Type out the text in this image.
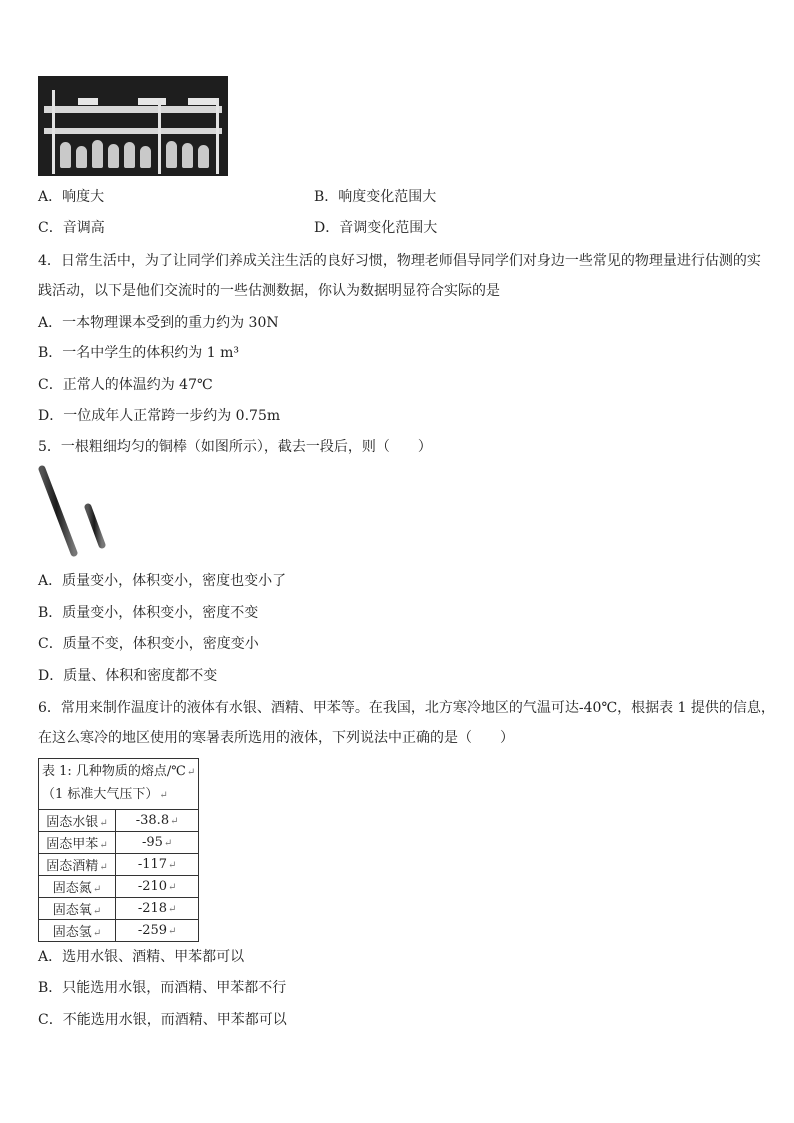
A．响度大	B．响度变化范围大
C．音调高	D．音调变化范围大
4．日常生活中，为了让同学们养成关注生活的良好习惯，物理老师倡导同学们对身边一些常见的物理量进行估测的实
践活动，以下是他们交流时的一些估测数据，你认为数据明显符合实际的是
A．一本物理课本受到的重力约为 30N
B．一名中学生的体积约为 1 m³
C．正常人的体温约为 47℃
D．一位成年人正常跨一步约为 0.75m
5．一根粗细均匀的铜棒（如图所示），截去一段后，则（　　）
A．质量变小，体积变小，密度也变小了
B．质量变小，体积变小，密度不变
C．质量不变，体积变小，密度变小
D．质量、体积和密度都不变
6．常用来制作温度计的液体有水银、酒精、甲苯等。在我国，北方寒冷地区的气温可达-40℃，根据表 1 提供的信息，
在这么寒冷的地区使用的寒暑表所选用的液体，下列说法中正确的是（　　）
表 1: 几种物质的熔点/℃↵
（1 标准大气压下）↵	

固态水银↵	-38.8↵
固态甲苯↵	-95↵
固态酒精↵	-117↵
固态氮↵	-210↵
固态氧↵	-218↵
固态氢↵	-259↵
A．选用水银、酒精、甲苯都可以
B．只能选用水银，而酒精、甲苯都不行
C．不能选用水银，而酒精、甲苯都可以
